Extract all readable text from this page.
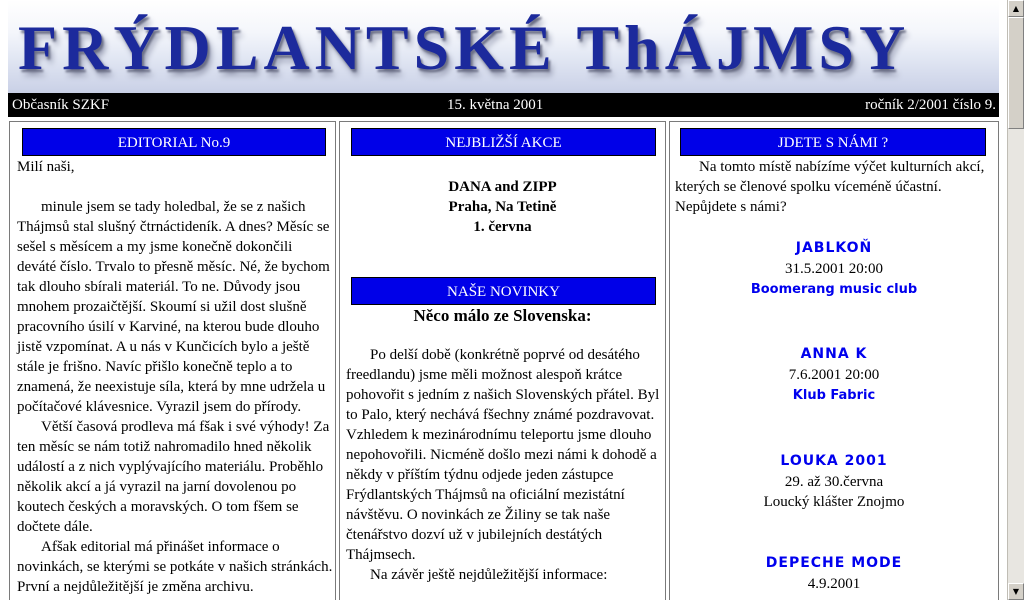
FRÝDLANTSKÉ ThÁJMSY
Občasník SZKF	15. května 2001	ročník 2/2001 číslo 9.
EDITORIAL No.9

Milí naši,

minule jsem se tady holedbal, že se z našich Thájmsů stal slušný čtrnáctideník. A dnes? Měsíc se sešel s měsícem a my jsme konečně dokončili deváté číslo. Trvalo to přesně měsíc. Né, že bychom tak dlouho sbírali materiál. To ne. Důvody jsou mnohem prozaičtější. Skoumí si užil dost slušně pracovního úsilí v Karviné, na kterou bude dlouho jistě vzpomínat. A u nás v Kunčicích bylo a ještě stále je frišno. Navíc přišlo konečně teplo a to znamená, že neexistuje síla, která by mne udržela u počítačové klávesnice. Vyrazil jsem do přírody.

Větší časová prodleva má fšak i své výhody! Za ten měsíc se nám totiž nahromadilo hned několik událostí a z nich vyplývajícího materiálu. Proběhlo několik akcí a já vyrazil na jarní dovolenou po koutech českých a moravských. O tom fšem se dočtete dále.

Afšak editorial má přinášet informace o novinkách, se kterými se potkáte v našich stránkách. První a nejdůležitější je změna archivu.

NEJBLIŽŠÍ AKCE
DANA and ZIPP
Praha, Na Tetině
1. června
NAŠE NOVINKY
Něco málo ze Slovenska:

Po delší době (konkrétně poprvé od desátého freedlandu) jsme měli možnost alespoň krátce pohovořit s jedním z našich Slovenských přátel. Byl to Palo, který nechává fšechny známé pozdravovat. Vzhledem k mezinárodnímu teleportu jsme dlouho nepohovořili. Nicméně došlo mezi námi k dohodě a někdy v příštím týdnu odjede jeden zástupce Frýdlantských Thájmsů na oficiální mezistátní návštěvu. O novinkách ze Žiliny se tak naše čtenářstvo dozví už v jubilejních destátých Thájmsech.

Na závěr ještě nejdůležitější informace:

JDETE S NÁMI ?

Na tomto místě nabízíme výčet kulturních akcí, kterých se členové spolku víceméně účastní. Nepůjdete s námi?

JABLKOŇ
31.5.2001 20:00
Boomerang music club
ANNA K
7.6.2001 20:00
Klub Fabric
LOUKA 2001
29. až 30.června
Loucký klášter Znojmo
DEPECHE MODE
4.9.2001
▲
▼
